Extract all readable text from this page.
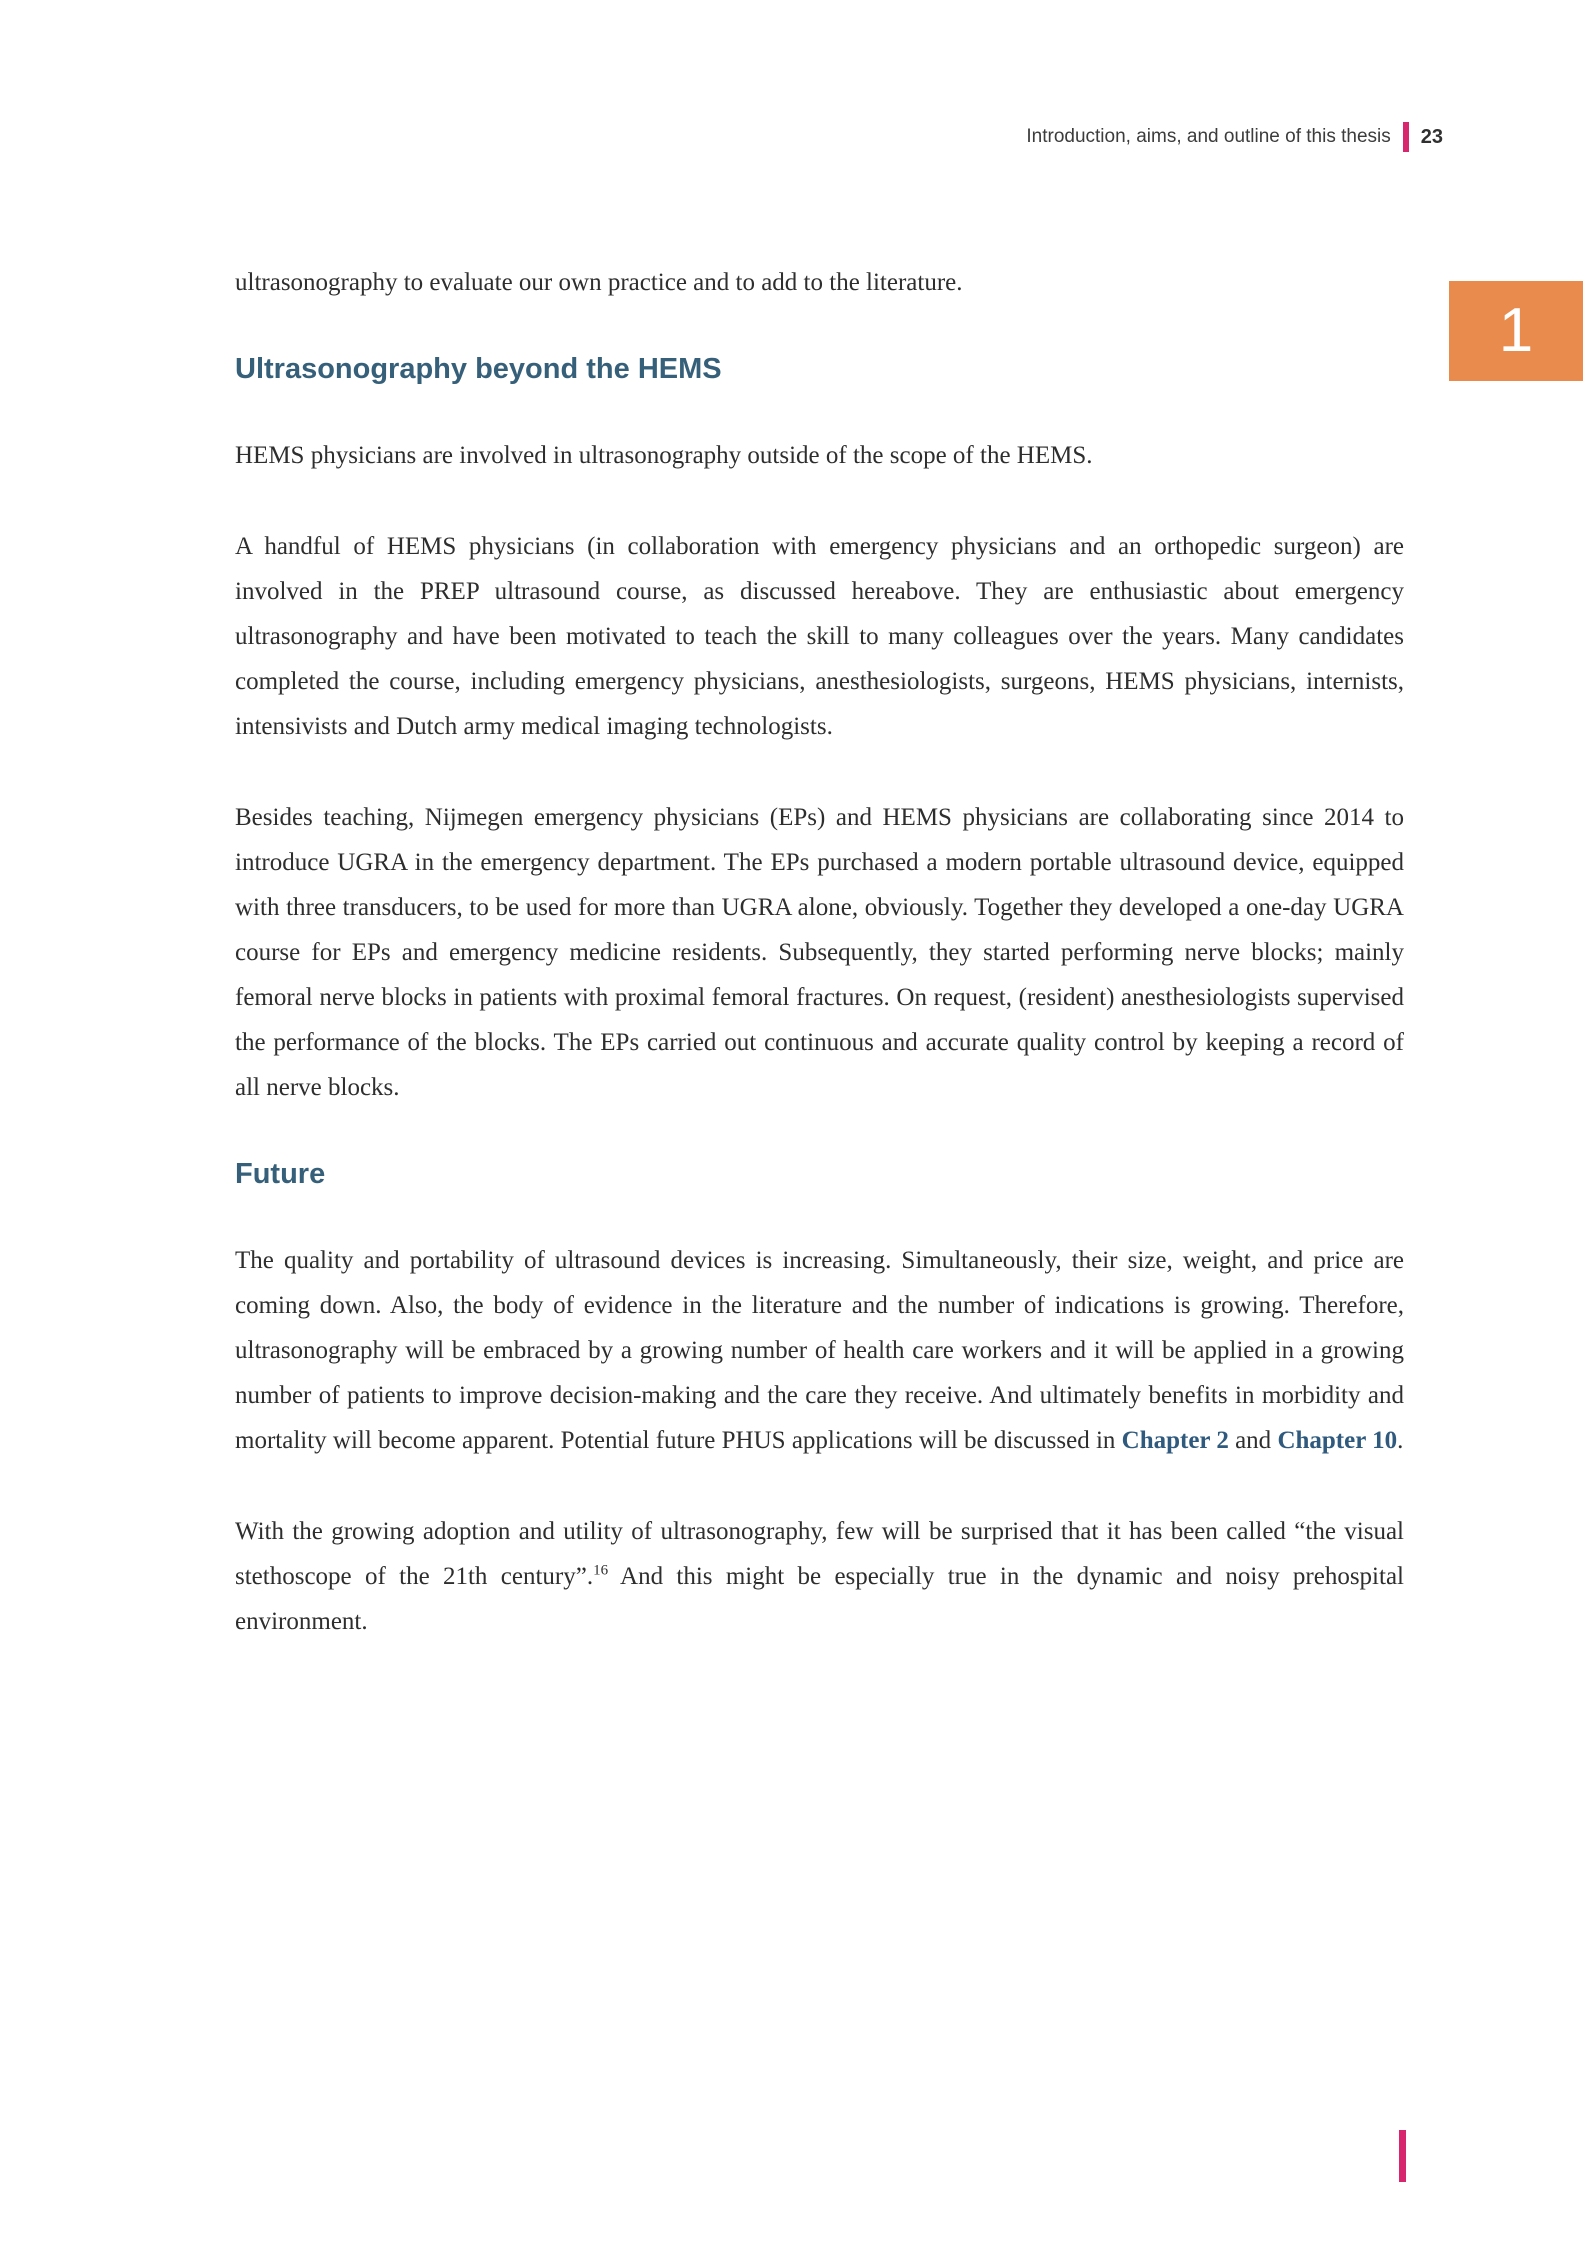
Introduction, aims, and outline of this thesis 23
1

ultrasonography to evaluate our own practice and to add to the literature.

Ultrasonography beyond the HEMS

HEMS physicians are involved in ultrasonography outside of the scope of the HEMS.

A handful of HEMS physicians (in collaboration with emergency physicians and an orthopedic surgeon) are involved in the PREP ultrasound course, as discussed hereabove. They are enthusiastic about emergency ultrasonography and have been motivated to teach the skill to many colleagues over the years. Many candidates completed the course, including emergency physicians, anesthesiologists, surgeons, HEMS physicians, internists, intensivists and Dutch army medical imaging technologists.

Besides teaching, Nijmegen emergency physicians (EPs) and HEMS physicians are collaborating since 2014 to introduce UGRA in the emergency department. The EPs purchased a modern portable ultrasound device, equipped with three transducers, to be used for more than UGRA alone, obviously. Together they developed a one-day UGRA course for EPs and emergency medicine residents. Subsequently, they started performing nerve blocks; mainly femoral nerve blocks in patients with proximal femoral fractures. On request, (resident) anesthesiologists supervised the performance of the blocks. The EPs carried out continuous and accurate quality control by keeping a record of all nerve blocks.

Future

The quality and portability of ultrasound devices is increasing. Simultaneously, their size, weight, and price are coming down. Also, the body of evidence in the literature and the number of indications is growing. Therefore, ultrasonography will be embraced by a growing number of health care workers and it will be applied in a growing number of patients to improve decision-making and the care they receive. And ultimately benefits in morbidity and mortality will become apparent. Potential future PHUS applications will be discussed in Chapter 2 and Chapter 10.

With the growing adoption and utility of ultrasonography, few will be surprised that it has been called “the visual stethoscope of the 21th century”.$^{16}$ And this might be especially true in the dynamic and noisy prehospital environment.
